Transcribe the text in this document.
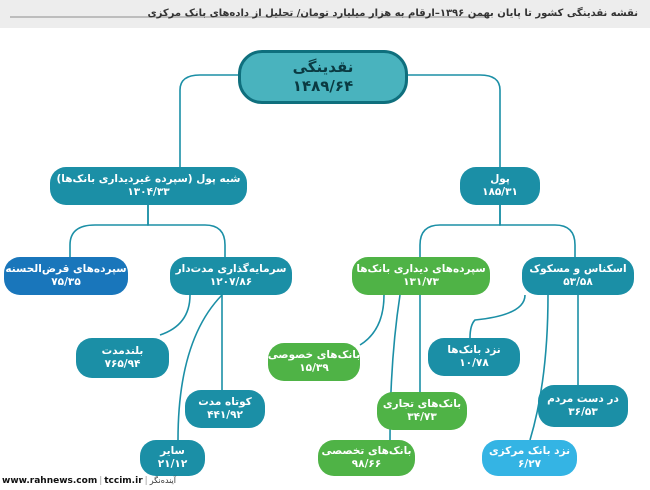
نقشه نقدینگی کشور تا پایان بهمن ۱۳۹۶–ارقام به هزار میلیارد تومان/ تحلیل از داده‌های بانک مرکزی
نقدینگی
۱۴۸۹/۶۴
شبه پول (سپرده غیردیداری بانک‌ها)
۱۳۰۴/۳۳
پول
۱۸۵/۳۱
سپرده‌های قرض‌الحسنه
۷۵/۳۵
سرمایه‌گذاری مدت‌دار
۱۲۰۷/۸۶
سپرده‌های دیداری بانک‌ها
۱۳۱/۷۳
اسکناس و مسکوک
۵۳/۵۸
بلندمدت
۷۶۵/۹۴
کوتاه مدت
۴۴۱/۹۲
سایر
۲۱/۱۲
بانک‌های خصوصی
۱۵/۳۹
بانک‌های تجاری
۳۴/۷۳
بانک‌های تخصصی
۹۸/۶۶
نزد بانک‌ها
۱۰/۷۸
در دست مردم
۳۶/۵۳
نزد بانک مرکزی
۶/۲۷
www.rahnews.com | tccim.ir | آینده‌نگر
